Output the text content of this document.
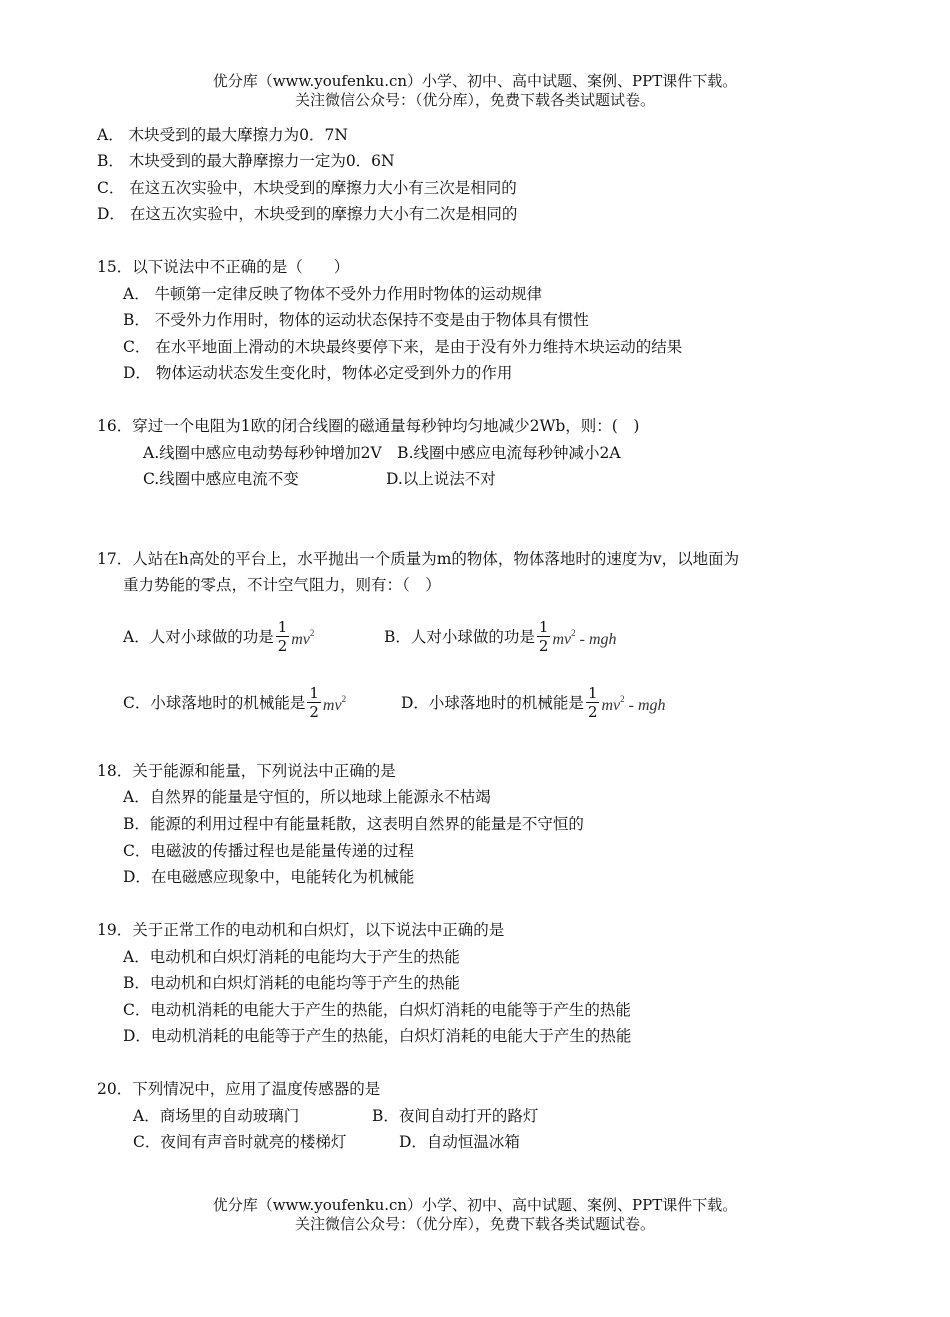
优分库（www.youfenku.cn）小学、初中、高中试题、案例、PPT课件下载。
关注微信公众号：（优分库），免费下载各类试题试卷。
A． 木块受到的最大摩擦力为0．7N
B． 木块受到的最大静摩擦力一定为0．6N
C． 在这五次实验中，木块受到的摩擦力大小有三次是相同的
D． 在这五次实验中，木块受到的摩擦力大小有二次是相同的
15．以下说法中不正确的是（　　）
A． 牛顿第一定律反映了物体不受外力作用时物体的运动规律
B． 不受外力作用时，物体的运动状态保持不变是由于物体具有惯性
C． 在水平地面上滑动的木块最终要停下来，是由于没有外力维持木块运动的结果
D． 物体运动状态发生变化时，物体必定受到外力的作用
16．穿过一个电阻为1欧的闭合线圈的磁通量每秒钟均匀地减少2Wb，则：(　)
A.线圈中感应电动势每秒钟增加2V　B.线圈中感应电流每秒钟减小2A
C.线圈中感应电流不变	D.以上说法不对
17．人站在h高处的平台上，水平抛出一个质量为m的物体，物体落地时的速度为v，以地面为
重力势能的零点，不计空气阻力，则有：（　）
A．人对小球做的功是 $\frac{1}{2} mv^2$	B．人对小球做的功是 $\frac{1}{2} mv^2$ - mgh
C．小球落地时的机械能是 $\frac{1}{2} mv^2$	D．小球落地时的机械能是 $\frac{1}{2} mv^2$ - mgh
18．关于能源和能量，下列说法中正确的是
A．自然界的能量是守恒的，所以地球上能源永不枯竭
B．能源的利用过程中有能量耗散，这表明自然界的能量是不守恒的
C．电磁波的传播过程也是能量传递的过程
D．在电磁感应现象中，电能转化为机械能
19．关于正常工作的电动机和白炽灯，以下说法中正确的是
A．电动机和白炽灯消耗的电能均大于产生的热能
B．电动机和白炽灯消耗的电能均等于产生的热能
C．电动机消耗的电能大于产生的热能，白炽灯消耗的电能等于产生的热能
D．电动机消耗的电能等于产生的热能，白炽灯消耗的电能大于产生的热能
20．下列情况中，应用了温度传感器的是
A．商场里的自动玻璃门	B．夜间自动打开的路灯
C．夜间有声音时就亮的楼梯灯	D．自动恒温冰箱
优分库（www.youfenku.cn）小学、初中、高中试题、案例、PPT课件下载。
关注微信公众号：（优分库），免费下载各类试题试卷。
